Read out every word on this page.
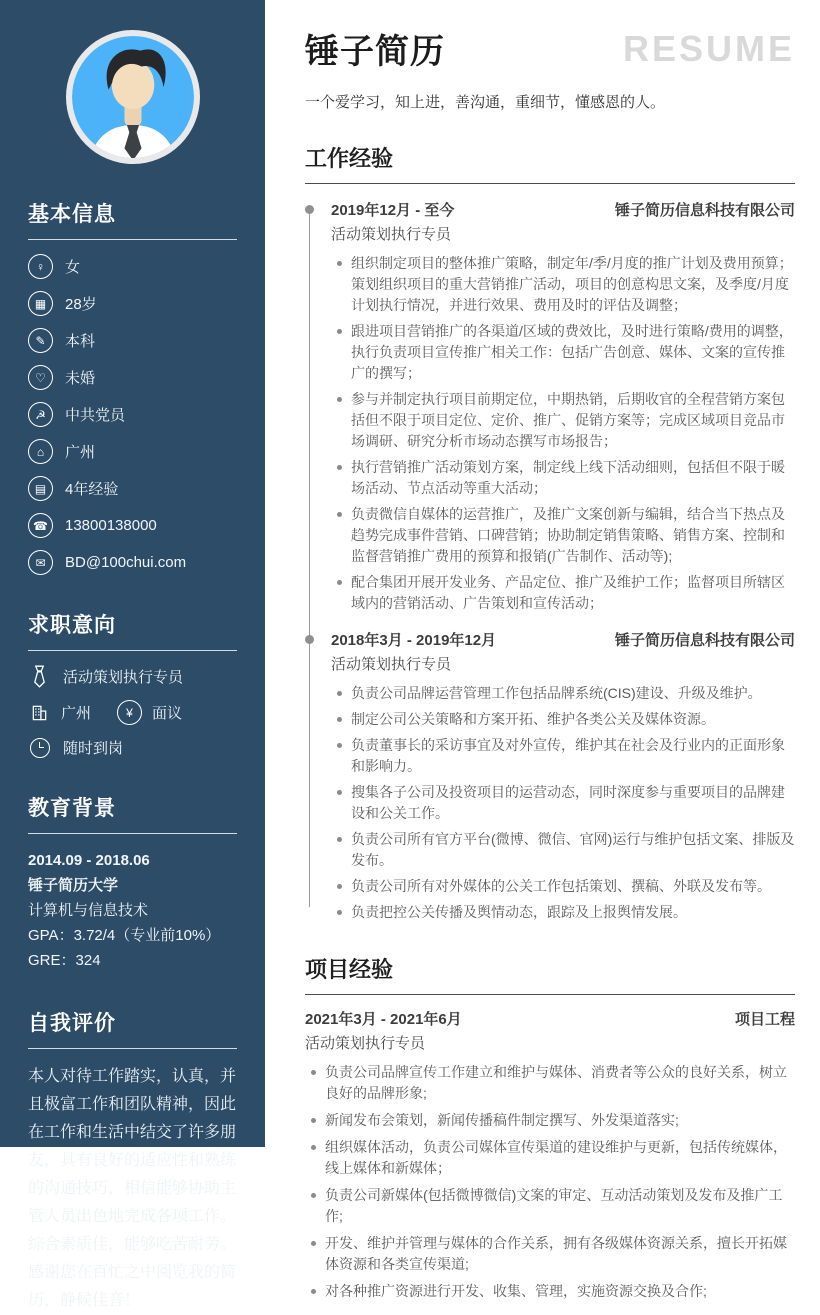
基本信息
♀	女
▦	28岁
✎	本科
♡	未婚
☭	中共党员
⌂	广州
▤	4年经验
☎	13800138000
✉	BD@100chui.com
求职意向
活动策划执行专员
广州	¥	面议
随时到岗
教育背景
2014.09 - 2018.06
锤子简历大学
计算机与信息技术
GPA：3.72/4（专业前10%）
GRE：324
自我评价
本人对待工作踏实，认真，并且极富工作和团队精神，因此在工作和生活中结交了许多朋友，具有良好的适应性和熟练的沟通技巧，相信能够协助主管人员出色地完成各项工作。综合素质佳，能够吃苦耐劳。感谢您在百忙之中阅览我的简历，静候佳音！
锤子简历	RESUME
一个爱学习，知上进，善沟通，重细节，懂感恩的人。
工作经验
2019年12月 - 至今	锤子简历信息科技有限公司
活动策划执行专员
组织制定项目的整体推广策略，制定年/季/月度的推广计划及费用预算；策划组织项目的重大营销推广活动，项目的创意构思文案，及季度/月度计划执行情况，并进行效果、费用及时的评估及调整；
跟进项目营销推广的各渠道/区域的费效比，及时进行策略/费用的调整，执行负责项目宣传推广相关工作：包括广告创意、媒体、文案的宣传推广的撰写；
参与并制定执行项目前期定位，中期热销，后期收官的全程营销方案包括但不限于项目定位、定价、推广、促销方案等；完成区域项目竞品市场调研、研究分析市场动态撰写市场报告；
执行营销推广活动策划方案，制定线上线下活动细则，包括但不限于暖场活动、节点活动等重大活动；
负责微信自媒体的运营推广，及推广文案创新与编辑，结合当下热点及趋势完成事件营销、口碑营销；协助制定销售策略、销售方案、控制和监督营销推广费用的预算和报销(广告制作、活动等);
配合集团开展开发业务、产品定位、推广及维护工作；监督项目所辖区域内的营销活动、广告策划和宣传活动；
2018年3月 - 2019年12月	锤子简历信息科技有限公司
活动策划执行专员
负责公司品牌运营管理工作包括品牌系统(CIS)建设、升级及维护。
制定公司公关策略和方案开拓、维护各类公关及媒体资源。
负责董事长的采访事宜及对外宣传，维护其在社会及行业内的正面形象和影响力。
搜集各子公司及投资项目的运营动态，同时深度参与重要项目的品牌建设和公关工作。
负责公司所有官方平台(微博、微信、官网)运行与维护包括文案、排版及发布。
负责公司所有对外媒体的公关工作包括策划、撰稿、外联及发布等。
负责把控公关传播及舆情动态，跟踪及上报舆情发展。
项目经验
2021年3月 - 2021年6月	项目工程
活动策划执行专员
负责公司品牌宣传工作建立和维护与媒体、消费者等公众的良好关系，树立良好的品牌形象;
新闻发布会策划，新闻传播稿件制定撰写、外发渠道落实;
组织媒体活动，负责公司媒体宣传渠道的建设维护与更新，包括传统媒体，线上媒体和新媒体；
负责公司新媒体(包括微博微信)文案的审定、互动活动策划及发布及推广工作;
开发、维护并管理与媒体的合作关系，拥有各级媒体资源关系，擅长开拓媒体资源和各类宣传渠道;
对各种推广资源进行开发、收集、管理，实施资源交换及合作;
